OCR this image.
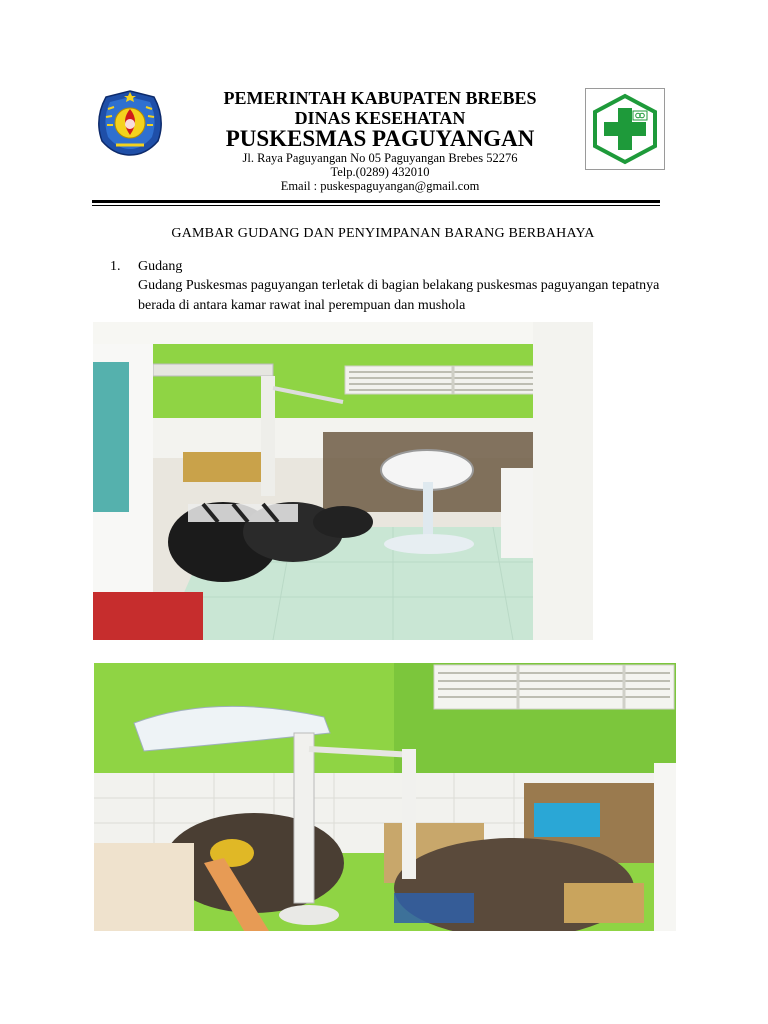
PEMERINTAH KABUPATEN BREBES
DINAS KESEHATAN
PUSKESMAS PAGUYANGAN
Jl. Raya Paguyangan No 05 Paguyangan Brebes 52276
Telp.(0289) 432010
Email : puskespaguyangan@gmail.com
GAMBAR GUDANG DAN PENYIMPANAN BARANG BERBAHAYA
1. Gudang
Gudang Puskesmas paguyangan terletak di bagian belakang puskesmas paguyangan tepatnya berada di antara kamar rawat inal perempuan dan mushola
